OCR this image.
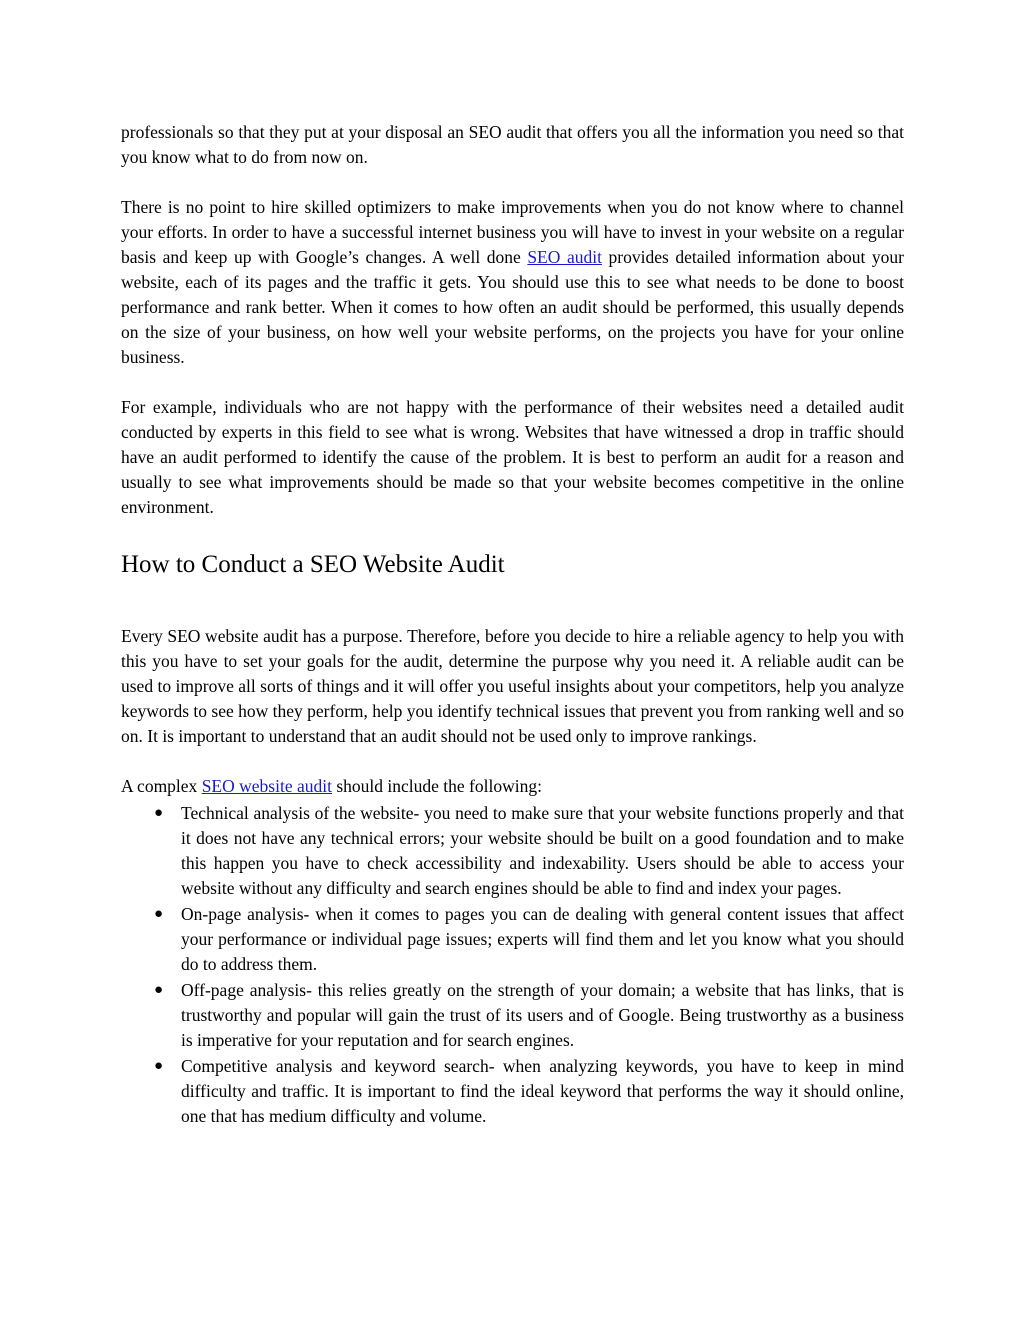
professionals so that they put at your disposal an SEO audit that offers you all the information you need so that you know what to do from now on.

There is no point to hire skilled optimizers to make improvements when you do not know where to channel your efforts. In order to have a successful internet business you will have to invest in your website on a regular basis and keep up with Google’s changes. A well done SEO audit provides detailed information about your website, each of its pages and the traffic it gets. You should use this to see what needs to be done to boost performance and rank better. When it comes to how often an audit should be performed, this usually depends on the size of your business, on how well your website performs, on the projects you have for your online business.

For example, individuals who are not happy with the performance of their websites need a detailed audit conducted by experts in this field to see what is wrong. Websites that have witnessed a drop in traffic should have an audit performed to identify the cause of the problem. It is best to perform an audit for a reason and usually to see what improvements should be made so that your website becomes competitive in the online environment.

How to Conduct a SEO Website Audit

Every SEO website audit has a purpose. Therefore, before you decide to hire a reliable agency to help you with this you have to set your goals for the audit, determine the purpose why you need it. A reliable audit can be used to improve all sorts of things and it will offer you useful insights about your competitors, help you analyze keywords to see how they perform, help you identify technical issues that prevent you from ranking well and so on. It is important to understand that an audit should not be used only to improve rankings.

A complex SEO website audit should include the following:

● Technical analysis of the website- you need to make sure that your website functions properly and that it does not have any technical errors; your website should be built on a good foundation and to make this happen you have to check accessibility and indexability. Users should be able to access your website without any difficulty and search engines should be able to find and index your pages.
● On-page analysis- when it comes to pages you can de dealing with general content issues that affect your performance or individual page issues; experts will find them and let you know what you should do to address them.
● Off-page analysis- this relies greatly on the strength of your domain; a website that has links, that is trustworthy and popular will gain the trust of its users and of Google. Being trustworthy as a business is imperative for your reputation and for search engines.
● Competitive analysis and keyword search- when analyzing keywords, you have to keep in mind difficulty and traffic. It is important to find the ideal keyword that performs the way it should online, one that has medium difficulty and volume.
